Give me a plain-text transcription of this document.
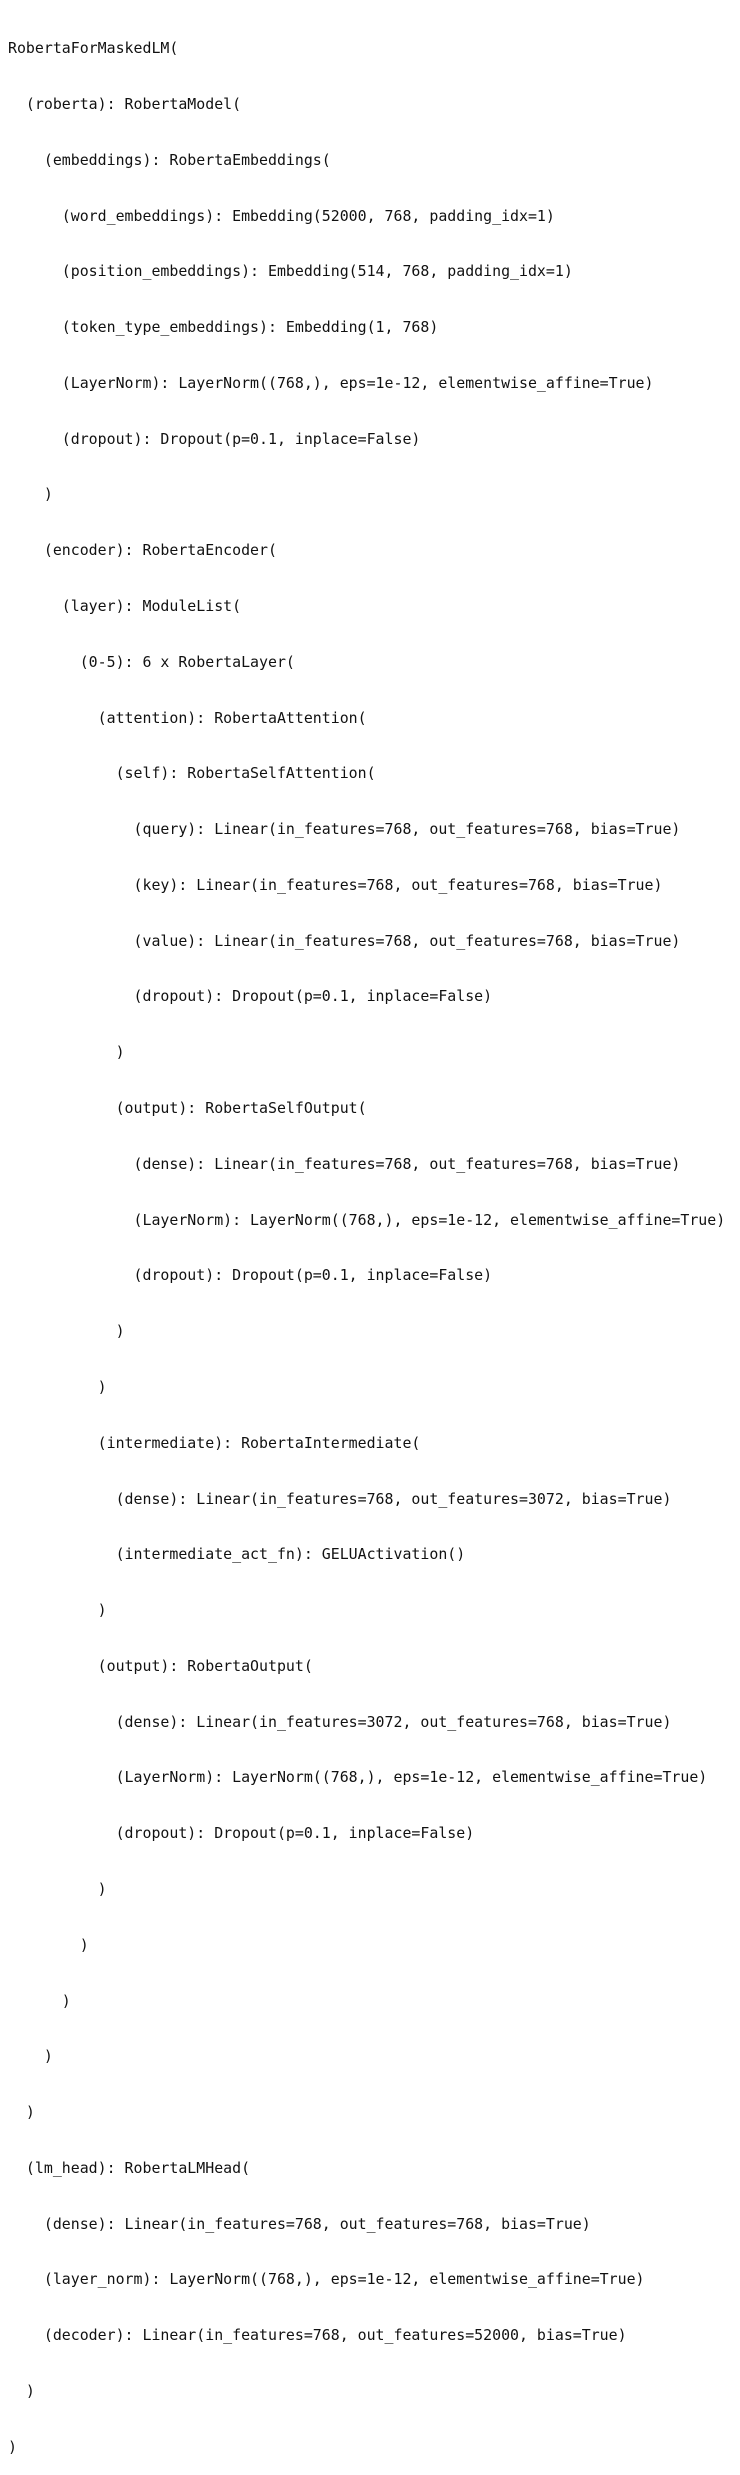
RobertaForMaskedLM(

(roberta): RobertaModel(

(embeddings): RobertaEmbeddings(

(word_embeddings): Embedding(52000, 768, padding_idx=1)

(position_embeddings): Embedding(514, 768, padding_idx=1)

(token_type_embeddings): Embedding(1, 768)

(LayerNorm): LayerNorm((768,), eps=1e-12, elementwise_affine=True)

(dropout): Dropout(p=0.1, inplace=False)

)

(encoder): RobertaEncoder(

(layer): ModuleList(

(0-5): 6 x RobertaLayer(

(attention): RobertaAttention(

(self): RobertaSelfAttention(

(query): Linear(in_features=768, out_features=768, bias=True)

(key): Linear(in_features=768, out_features=768, bias=True)

(value): Linear(in_features=768, out_features=768, bias=True)

(dropout): Dropout(p=0.1, inplace=False)

)

(output): RobertaSelfOutput(

(dense): Linear(in_features=768, out_features=768, bias=True)

(LayerNorm): LayerNorm((768,), eps=1e-12, elementwise_affine=True)

(dropout): Dropout(p=0.1, inplace=False)

)

)

(intermediate): RobertaIntermediate(

(dense): Linear(in_features=768, out_features=3072, bias=True)

(intermediate_act_fn): GELUActivation()

)

(output): RobertaOutput(

(dense): Linear(in_features=3072, out_features=768, bias=True)

(LayerNorm): LayerNorm((768,), eps=1e-12, elementwise_affine=True)

(dropout): Dropout(p=0.1, inplace=False)

)

)

)

)

)

(lm_head): RobertaLMHead(

(dense): Linear(in_features=768, out_features=768, bias=True)

(layer_norm): LayerNorm((768,), eps=1e-12, elementwise_affine=True)

(decoder): Linear(in_features=768, out_features=52000, bias=True)

)

)
